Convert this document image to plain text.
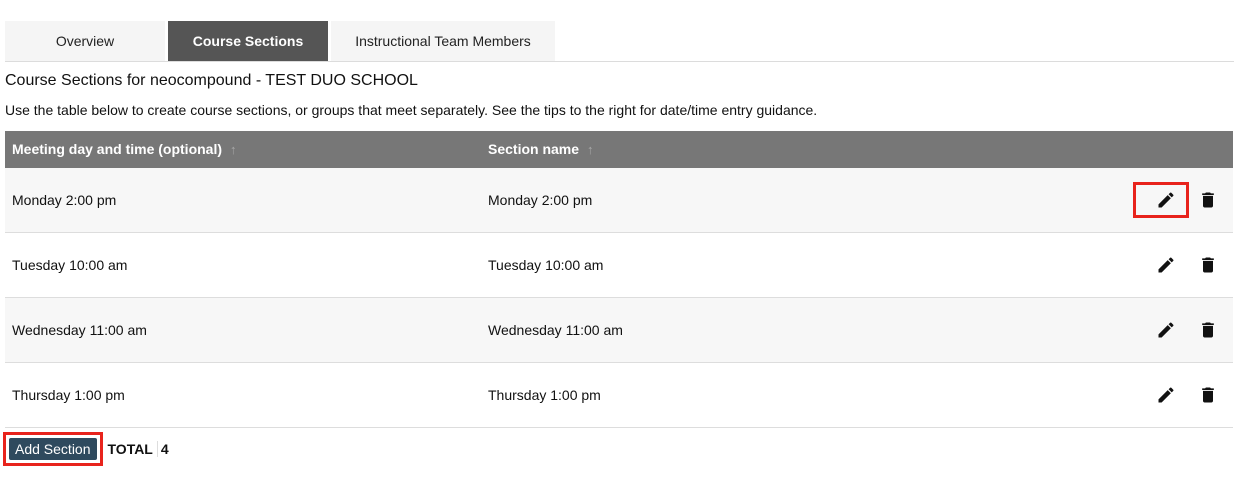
Overview	Course Sections	Instructional Team Members
Course Sections for neocompound - TEST DUO SCHOOL
Use the table below to create course sections, or groups that meet separately. See the tips to the right for date/time entry guidance.
Meeting day and time (optional) ↑	Section name ↑
Monday 2:00 pm	Monday 2:00 pm
Tuesday 10:00 am	Tuesday 10:00 am
Wednesday 11:00 am	Wednesday 11:00 am
Thursday 1:00 pm	Thursday 1:00 pm
Add Section	TOTAL 4
